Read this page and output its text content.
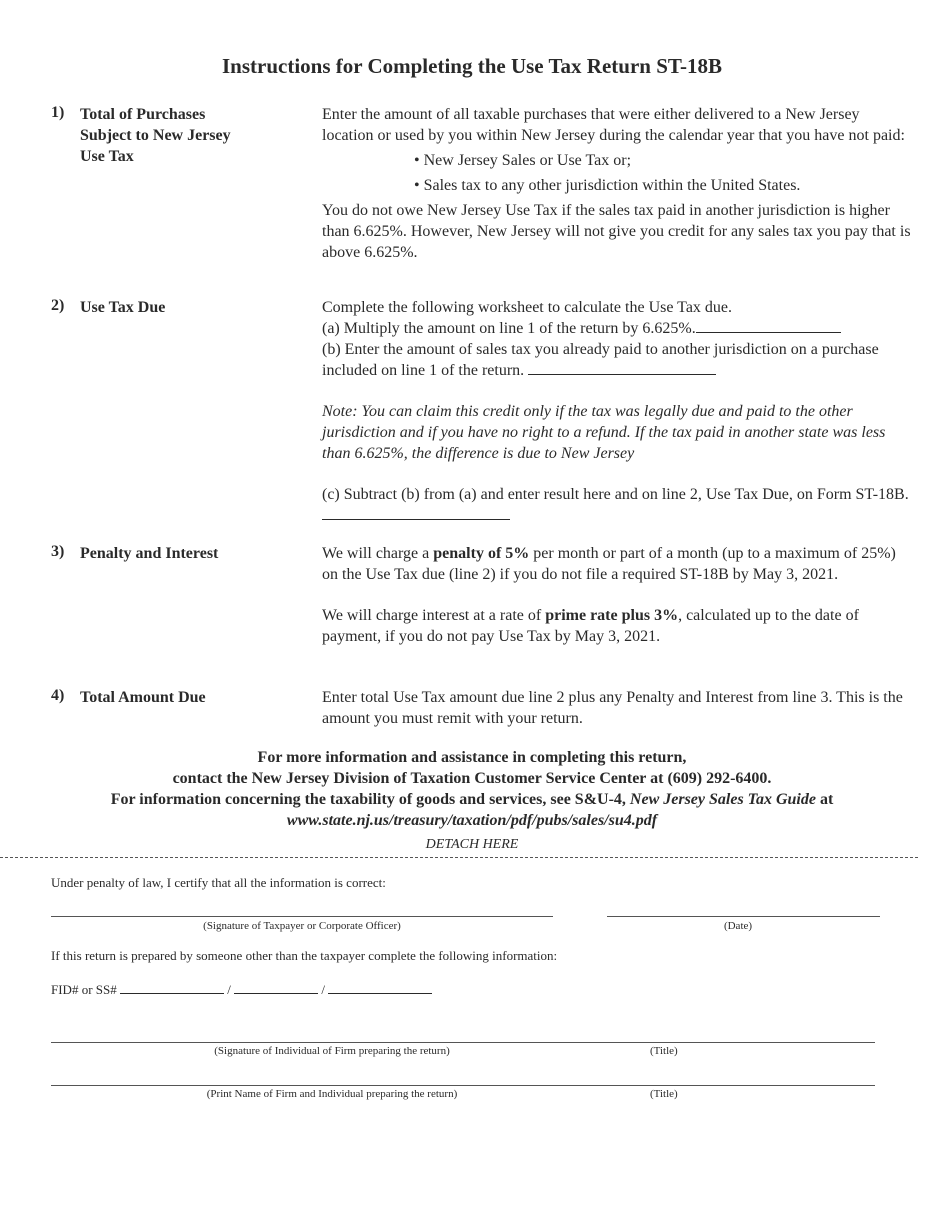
Instructions for Completing the Use Tax Return ST-18B
1) Total of Purchases
Subject to New Jersey
Use Tax

Enter the amount of all taxable purchases that were either delivered to a New Jersey location or used by you within New Jersey during the calendar year that you have not paid:

• New Jersey Sales or Use Tax or;

• Sales tax to any other jurisdiction within the United States.

You do not owe New Jersey Use Tax if the sales tax paid in another jurisdiction is higher than 6.625%. However, New Jersey will not give you credit for any sales tax you pay that is above 6.625%.

2) Use Tax Due	Complete the following worksheet to calculate the Use Tax due.

(a) Multiply the amount on line 1 of the return by 6.625%.

(b) Enter the amount of sales tax you already paid to another jurisdiction on a purchase included on line 1 of the return.

Note: You can claim this credit only if the tax was legally due and paid to the other jurisdiction and if you have no right to a refund. If the tax paid in another state was less than 6.625%, the difference is due to New Jersey

(c) Subtract (b) from (a) and enter result here and on line 2, Use Tax Due, on Form ST-18B.

3) Penalty and Interest	We will charge a penalty of 5% per month or part of a month (up to a maximum of 25%) on the Use Tax due (line 2) if you do not file a required ST-18B by May 3, 2021.

We will charge interest at a rate of prime rate plus 3%, calculated up to the date of payment, if you do not pay Use Tax by May 3, 2021.

4) Total Amount Due	Enter total Use Tax amount due line 2 plus any Penalty and Interest from line 3. This is the amount you must remit with your return.
For more information and assistance in completing this return,
contact the New Jersey Division of Taxation Customer Service Center at (609) 292-6400.
For information concerning the taxability of goods and services, see S&U-4, New Jersey Sales Tax Guide at
www.state.nj.us/treasury/taxation/pdf/pubs/sales/su4.pdf
DETACH HERE
Under penalty of law, I certify that all the information is correct:
(Signature of Taxpayer or Corporate Officer)	(Date)
If this return is prepared by someone other than the taxpayer complete the following information:
FID# or SS#	/	/
(Signature of Individual of Firm preparing the return)	(Title)
(Print Name of Firm and Individual preparing the return)	(Title)
